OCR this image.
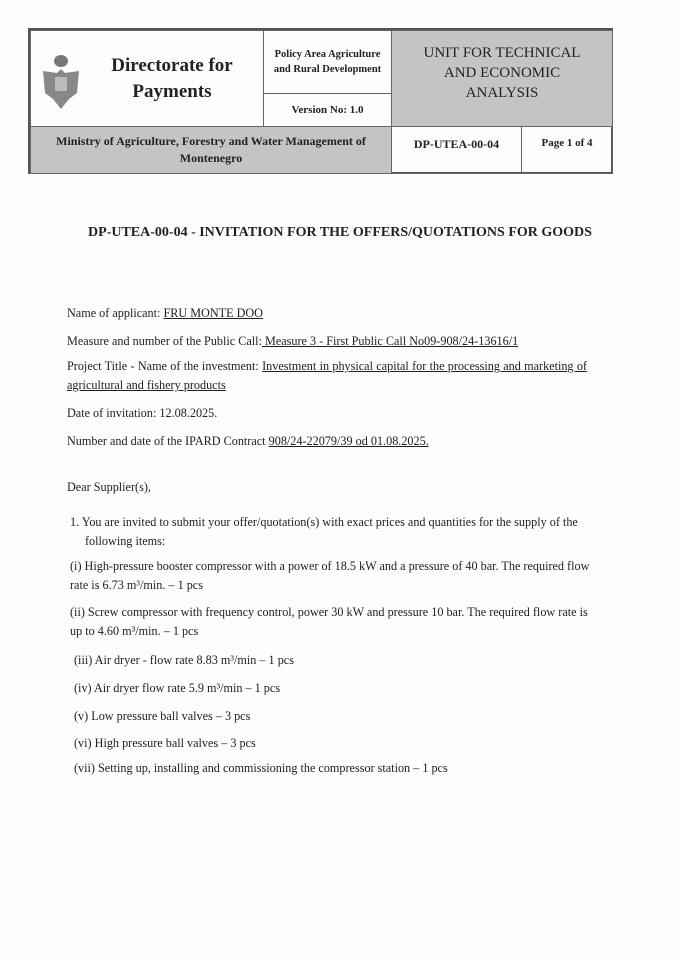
Directorate for Payments
Policy Area Agriculture and Rural Development
Version No: 1.0
UNIT FOR TECHNICAL AND ECONOMIC ANALYSIS
Ministry of Agriculture, Forestry and Water Management of Montenegro
DP-UTEA-00-04	Page 1 of 4
DP-UTEA-00-04 - INVITATION FOR THE OFFERS/QUOTATIONS FOR GOODS
Name of applicant: FRU MONTE DOO
Measure and number of the Public Call: Measure 3 - First Public Call No09-908/24-13616/1
Project Title - Name of the investment: Investment in physical capital for the processing and marketing of agricultural and fishery products
Date of invitation: 12.08.2025.
Number and date of the IPARD Contract 908/24-22079/39 od 01.08.2025.
Dear Supplier(s),
1. You are invited to submit your offer/quotation(s) with exact prices and quantities for the supply of the following items:
(i) High-pressure booster compressor with a power of 18.5 kW and a pressure of 40 bar. The required flow rate is 6.73 m³/min. – 1 pcs
(ii) Screw compressor with frequency control, power 30 kW and pressure 10 bar. The required flow rate is up to 4.60 m³/min. – 1 pcs
(iii) Air dryer - flow rate 8.83 m³/min – 1 pcs
(iv) Air dryer flow rate 5.9 m³/min – 1 pcs
(v) Low pressure ball valves – 3 pcs
(vi) High pressure ball valves – 3 pcs
(vii) Setting up, installing and commissioning the compressor station – 1 pcs
